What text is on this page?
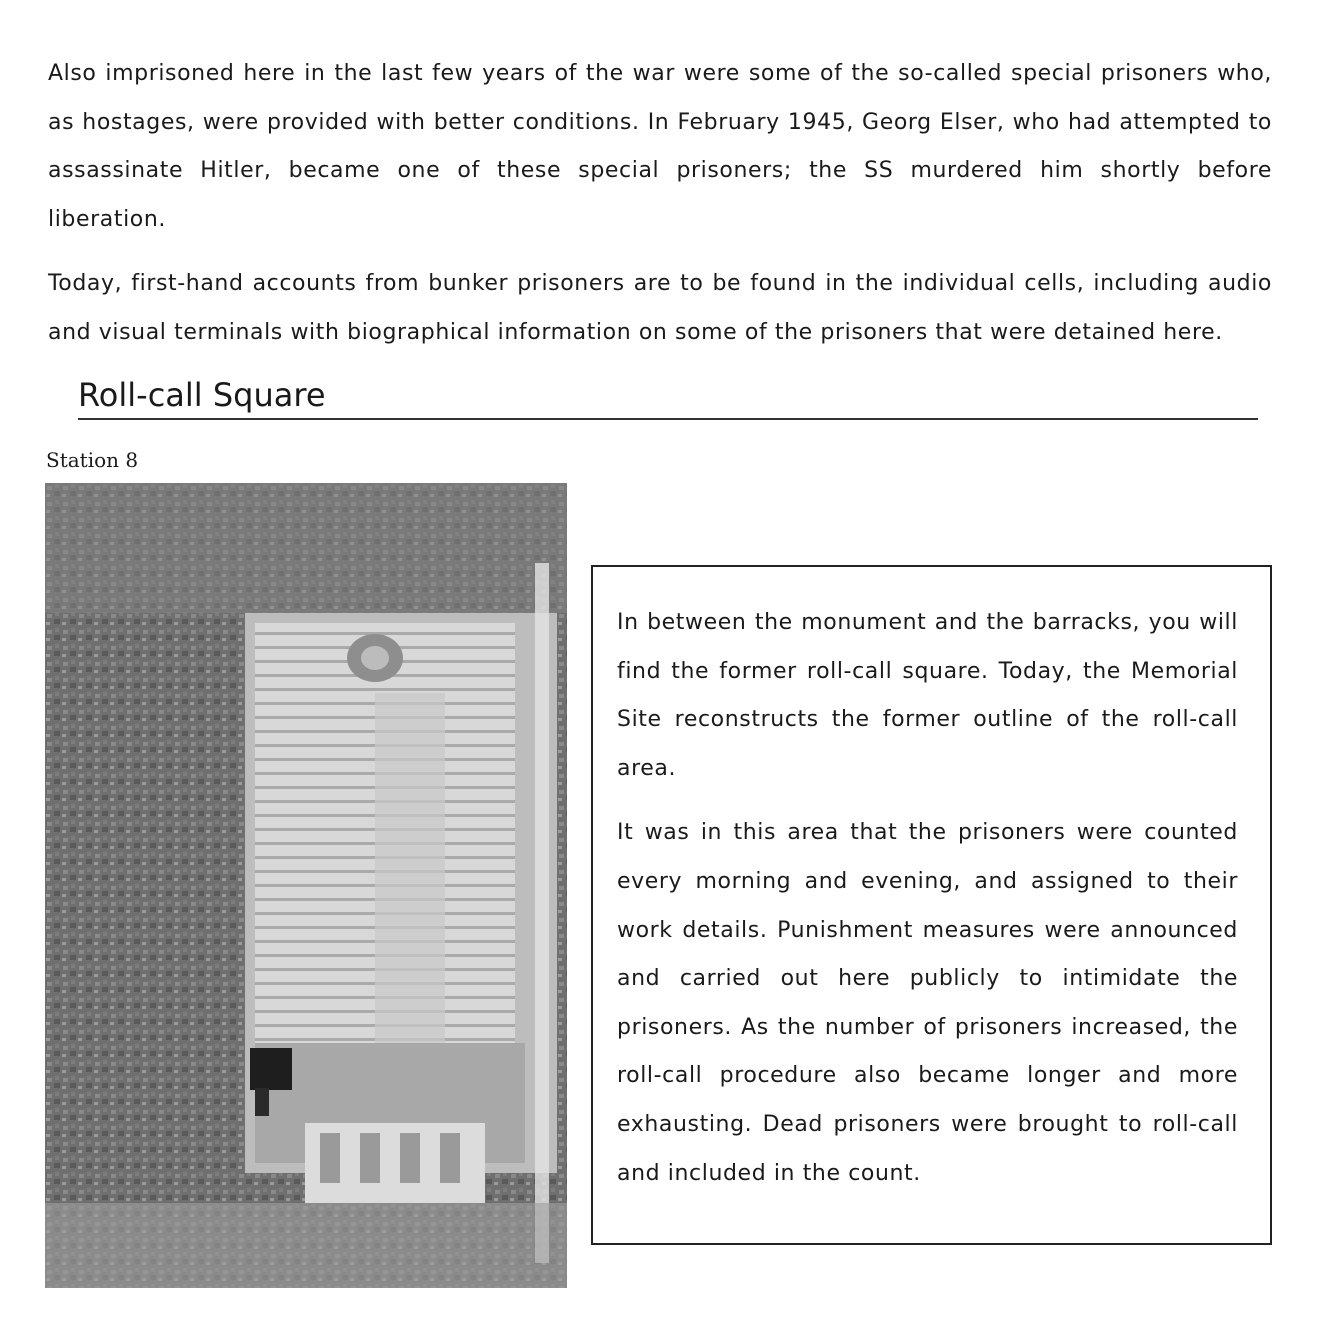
Also imprisoned here in the last few years of the war were some of the so-called special prisoners who, as hostages, were provided with better conditions. In February 1945, Georg Elser, who had attempted to assassinate Hitler, became one of these special prisoners; the SS murdered him shortly before liberation.

Today, first-hand accounts from bunker prisoners are to be found in the individual cells, including audio and visual terminals with biographical information on some of the prisoners that were detained here.

Roll-call Square
Station 8

In between the monument and the barracks, you will find the former roll-call square. Today, the Memorial Site reconstructs the former outline of the roll-call area.

It was in this area that the prisoners were counted every morning and evening, and assigned to their work details. Punishment measures were announced and carried out here publicly to intimidate the prisoners. As the number of prisoners increased, the roll-call procedure also became longer and more exhausting. Dead prisoners were brought to roll-call and included in the count.
